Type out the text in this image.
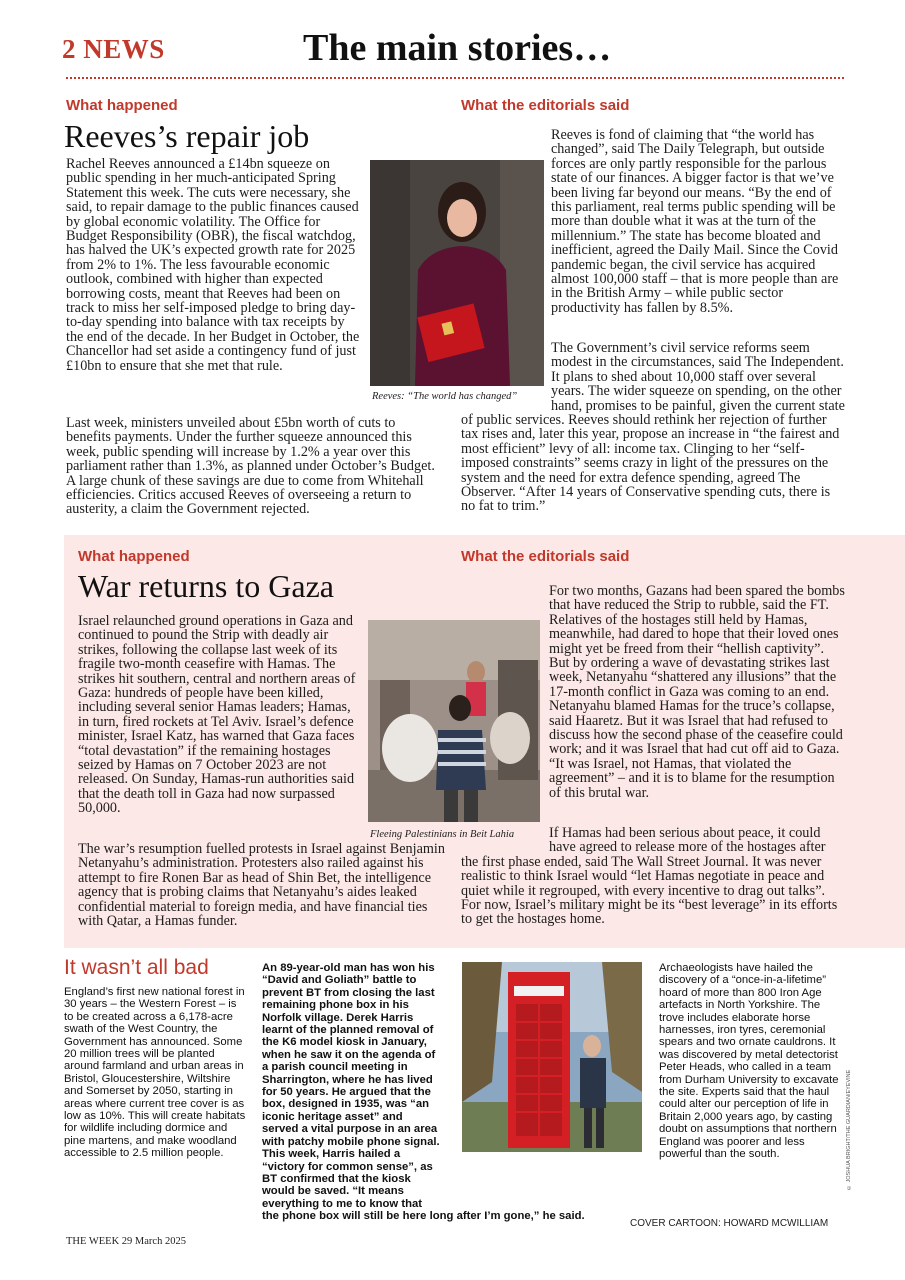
2 NEWS	The main stories…
What happened
Reeves’s repair job
Rachel Reeves announced a £14bn squeeze on public spending in her much-anticipated Spring Statement this week. The cuts were necessary, she said, to repair damage to the public finances caused by global economic volatility. The Office for Budget Responsibility (OBR), the fiscal watchdog, has halved the UK’s expected growth rate for 2025 from 2% to 1%. The less favourable economic outlook, combined with higher than expected borrowing costs, meant that Reeves had been on track to miss her self-imposed pledge to bring day-to-day spending into balance with tax receipts by the end of the decade. In her Budget in October, the Chancellor had set aside a contingency fund of just £10bn to ensure that she met that rule.
Last week, ministers unveiled about £5bn worth of cuts to benefits payments. Under the further squeeze announced this week, public spending will increase by 1.2% a year over this parliament rather than 1.3%, as planned under October’s Budget. A large chunk of these savings are due to come from Whitehall efficiencies. Critics accused Reeves of overseeing a return to austerity, a claim the Government rejected.
Reeves: “The world has changed”
What the editorials said
Reeves is fond of claiming that “the world has changed”, said The Daily Telegraph, but outside forces are only partly responsible for the parlous state of our finances. A bigger factor is that we’ve been living far beyond our means. “By the end of this parliament, real terms public spending will be more than double what it was at the turn of the millennium.” The state has become bloated and inefficient, agreed the Daily Mail. Since the Covid pandemic began, the civil service has acquired almost 100,000 staff – that is more people than are in the British Army – while public sector productivity has fallen by 8.5%.
The Government’s civil service reforms seem modest in the circumstances, said The Independent. It plans to shed about 10,000 staff over several years. The wider squeeze on spending, on the other hand, promises to be painful, given the current state of public services. Reeves should rethink her rejection of further tax rises and, later this year, propose an increase in “the fairest and most efficient” levy of all: income tax. Clinging to her “self-imposed constraints” seems crazy in light of the pressures on the system and the need for extra defence spending, agreed The Observer. “After 14 years of Conservative spending cuts, there is no fat to trim.”
What happened
War returns to Gaza
Israel relaunched ground operations in Gaza and continued to pound the Strip with deadly air strikes, following the collapse last week of its fragile two-month ceasefire with Hamas. The strikes hit southern, central and northern areas of Gaza: hundreds of people have been killed, including several senior Hamas leaders; Hamas, in turn, fired rockets at Tel Aviv. Israel’s defence minister, Israel Katz, has warned that Gaza faces “total devastation” if the remaining hostages seized by Hamas on 7 October 2023 are not released. On Sunday, Hamas-run authorities said that the death toll in Gaza had now surpassed 50,000.
The war’s resumption fuelled protests in Israel against Benjamin Netanyahu’s administration. Protesters also railed against his attempt to fire Ronen Bar as head of Shin Bet, the intelligence agency that is probing claims that Netanyahu’s aides leaked confidential material to foreign media, and have financial ties with Qatar, a Hamas funder.
Fleeing Palestinians in Beit Lahia
What the editorials said
For two months, Gazans had been spared the bombs that have reduced the Strip to rubble, said the FT. Relatives of the hostages still held by Hamas, meanwhile, had dared to hope that their loved ones might yet be freed from their “hellish captivity”. But by ordering a wave of devastating strikes last week, Netanyahu “shattered any illusions” that the 17-month conflict in Gaza was coming to an end. Netanyahu blamed Hamas for the truce’s collapse, said Haaretz. But it was Israel that had refused to discuss how the second phase of the ceasefire could work; and it was Israel that had cut off aid to Gaza. “It was Israel, not Hamas, that violated the agreement” – and it is to blame for the resumption of this brutal war.
If Hamas had been serious about peace, it could have agreed to release more of the hostages after the first phase ended, said The Wall Street Journal. It was never realistic to think Israel would “let Hamas negotiate in peace and quiet while it regrouped, with every incentive to drag out talks”. For now, Israel’s military might be its “best leverage” in its efforts to get the hostages home.
It wasn’t all bad
England’s first new national forest in 30 years – the Western Forest – is to be created across a 6,178-acre swath of the West Country, the Government has announced. Some 20 million trees will be planted around farmland and urban areas in Bristol, Gloucestershire, Wiltshire and Somerset by 2050, starting in areas where current tree cover is as low as 10%. This will create habitats for wildlife including dormice and pine martens, and make woodland accessible to 2.5 million people.
An 89-year-old man has won his “David and Goliath” battle to prevent BT from closing the last remaining phone box in his Norfolk village. Derek Harris learnt of the planned removal of the K6 model kiosk in January, when he saw it on the agenda of a parish council meeting in Sharrington, where he has lived for 50 years. He argued that the box, designed in 1935, was “an iconic heritage asset” and served a vital purpose in an area with patchy mobile phone signal. This week, Harris hailed a “victory for common sense”, as BT confirmed that the kiosk would be saved. “It means everything to me to know that the phone box will still be here long after I’m gone,” he said.
© JOSHUA BRIGHT/THE GUARDIAN/EYEVINE
Archaeologists have hailed the discovery of a “once-in-a-lifetime” hoard of more than 800 Iron Age artefacts in North Yorkshire. The trove includes elaborate horse harnesses, iron tyres, ceremonial spears and two ornate cauldrons. It was discovered by metal detectorist Peter Heads, who called in a team from Durham University to excavate the site. Experts said that the haul could alter our perception of life in Britain 2,000 years ago, by casting doubt on assumptions that northern England was poorer and less powerful than the south.
COVER CARTOON: HOWARD MCWILLIAM
THE WEEK 29 March 2025
